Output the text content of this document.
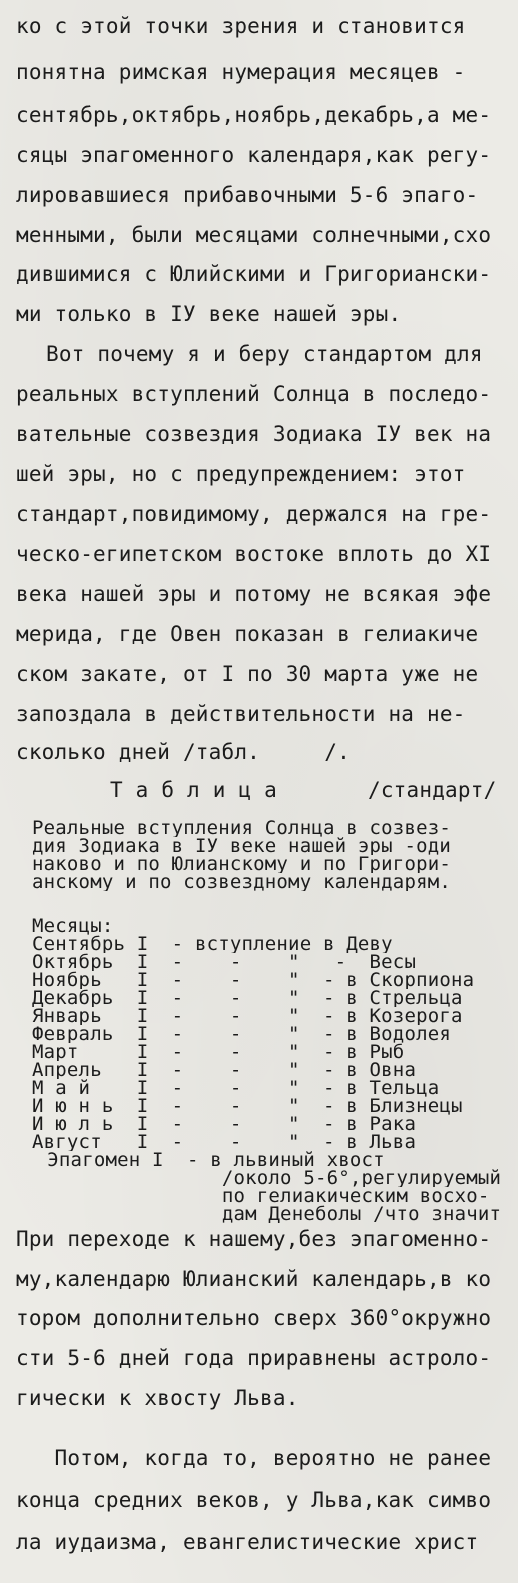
ко с этой точки зрения и становится
понятна римская нумерация месяцев -
сентябрь,октябрь,ноябрь,декабрь,а ме-
сяцы эпагоменного календаря,как регу-
лировавшиеся прибавочными 5-6 эпаго-
менными, были месяцами солнечными,схо
дившимися с Юлийскими и Григориански-
ми только в IУ веке нашей эры.
Вот почему я и беру стандартом для
реальных вступлений Солнца в последо-
вательные созвездия Зодиака IУ век на
шей эры, но с предупреждением: этот
стандарт,повидимому, держался на гре-
ческо-египетском востоке вплоть до XI
века нашей эры и потому не всякая эфе
мерида, где Овен показан в гелиакиче
ском закате, от I по 30 марта уже не
запоздала в действительности на не-
сколько дней /табл.     /.
Т а б л и ц а	/стандарт/
Реальные вступления Солнца в созвез-
дия Зодиака в IУ веке нашей эры -оди
наково и по Юлианскому и по Григори-
анскому и по созвездному календарям.
Месяцы:
Сентябрь I  - вступление в Деву
Октябрь  I  -    -    "   -  Весы
Ноябрь   I  -    -    "  - в Скорпиона
Декабрь  I  -    -    "  - в Стрельца
Январь   I  -    -    "  - в Козерога
Февраль  I  -    -    "  - в Водолея
Март     I  -    -    "  - в Рыб
Апрель   I  -    -    "  - в Овна
М а й    I  -    -    "  - в Тельца
И ю н ь  I  -    -    "  - в Близнецы
И ю л ь  I  -    -    "  - в Рака
Август   I  -    -    "  - в Льва
Эпагомен I  - в львиный хвост
/около 5-6°,регулируемый
по гелиакическим восхо-
дам Денеболы /что значит
При переходе к нашему,без эпагоменно-
му,календарю Юлианский календарь,в ко
тором дополнительно сверх 360°окружно
сти 5-6 дней года приравнены астроло-
гически к хвосту Льва.
Потом, когда то, вероятно не ранее
конца средних веков, у Льва,как симво
ла иудаизма, евангелистические христ
